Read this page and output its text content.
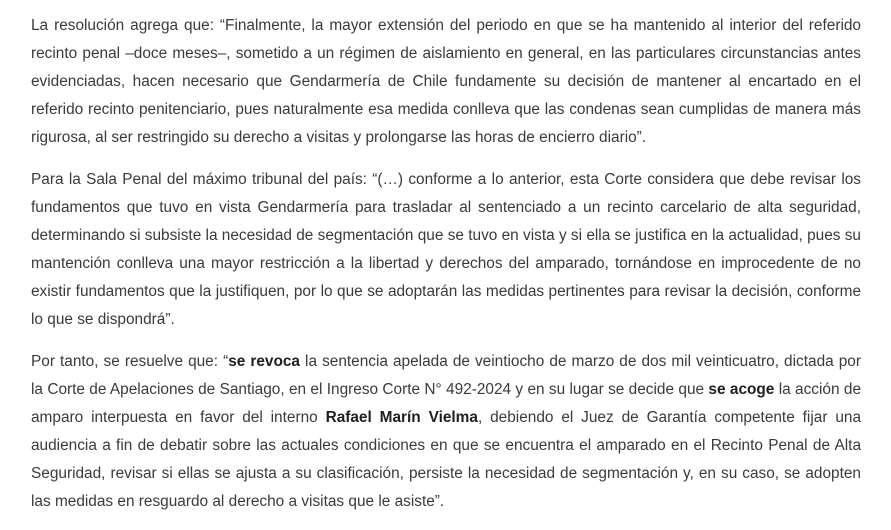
La resolución agrega que: “Finalmente, la mayor extensión del periodo en que se ha mantenido al interior del referido recinto penal –doce meses–, sometido a un régimen de aislamiento en general, en las particulares circunstancias antes evidenciadas, hacen necesario que Gendarmería de Chile fundamente su decisión de mantener al encartado en el referido recinto penitenciario, pues naturalmente esa medida conlleva que las condenas sean cumplidas de manera más rigurosa, al ser restringido su derecho a visitas y prolongarse las horas de encierro diario”.

Para la Sala Penal del máximo tribunal del país: “(…) conforme a lo anterior, esta Corte considera que debe revisar los fundamentos que tuvo en vista Gendarmería para trasladar al sentenciado a un recinto carcelario de alta seguridad, determinando si subsiste la necesidad de segmentación que se tuvo en vista y si ella se justifica en la actualidad, pues su mantención conlleva una mayor restricción a la libertad y derechos del amparado, tornándose en improcedente de no existir fundamentos que la justifiquen, por lo que se adoptarán las medidas pertinentes para revisar la decisión, conforme lo que se dispondrá”.

Por tanto, se resuelve que: “se revoca la sentencia apelada de veintiocho de marzo de dos mil veinticuatro, dictada por la Corte de Apelaciones de Santiago, en el Ingreso Corte N° 492-2024 y en su lugar se decide que se acoge la acción de amparo interpuesta en favor del interno Rafael Marín Vielma, debiendo el Juez de Garantía competente fijar una audiencia a fin de debatir sobre las actuales condiciones en que se encuentra el amparado en el Recinto Penal de Alta Seguridad, revisar si ellas se ajusta a su clasificación, persiste la necesidad de segmentación y, en su caso, se adopten las medidas en resguardo al derecho a visitas que le asiste”.
